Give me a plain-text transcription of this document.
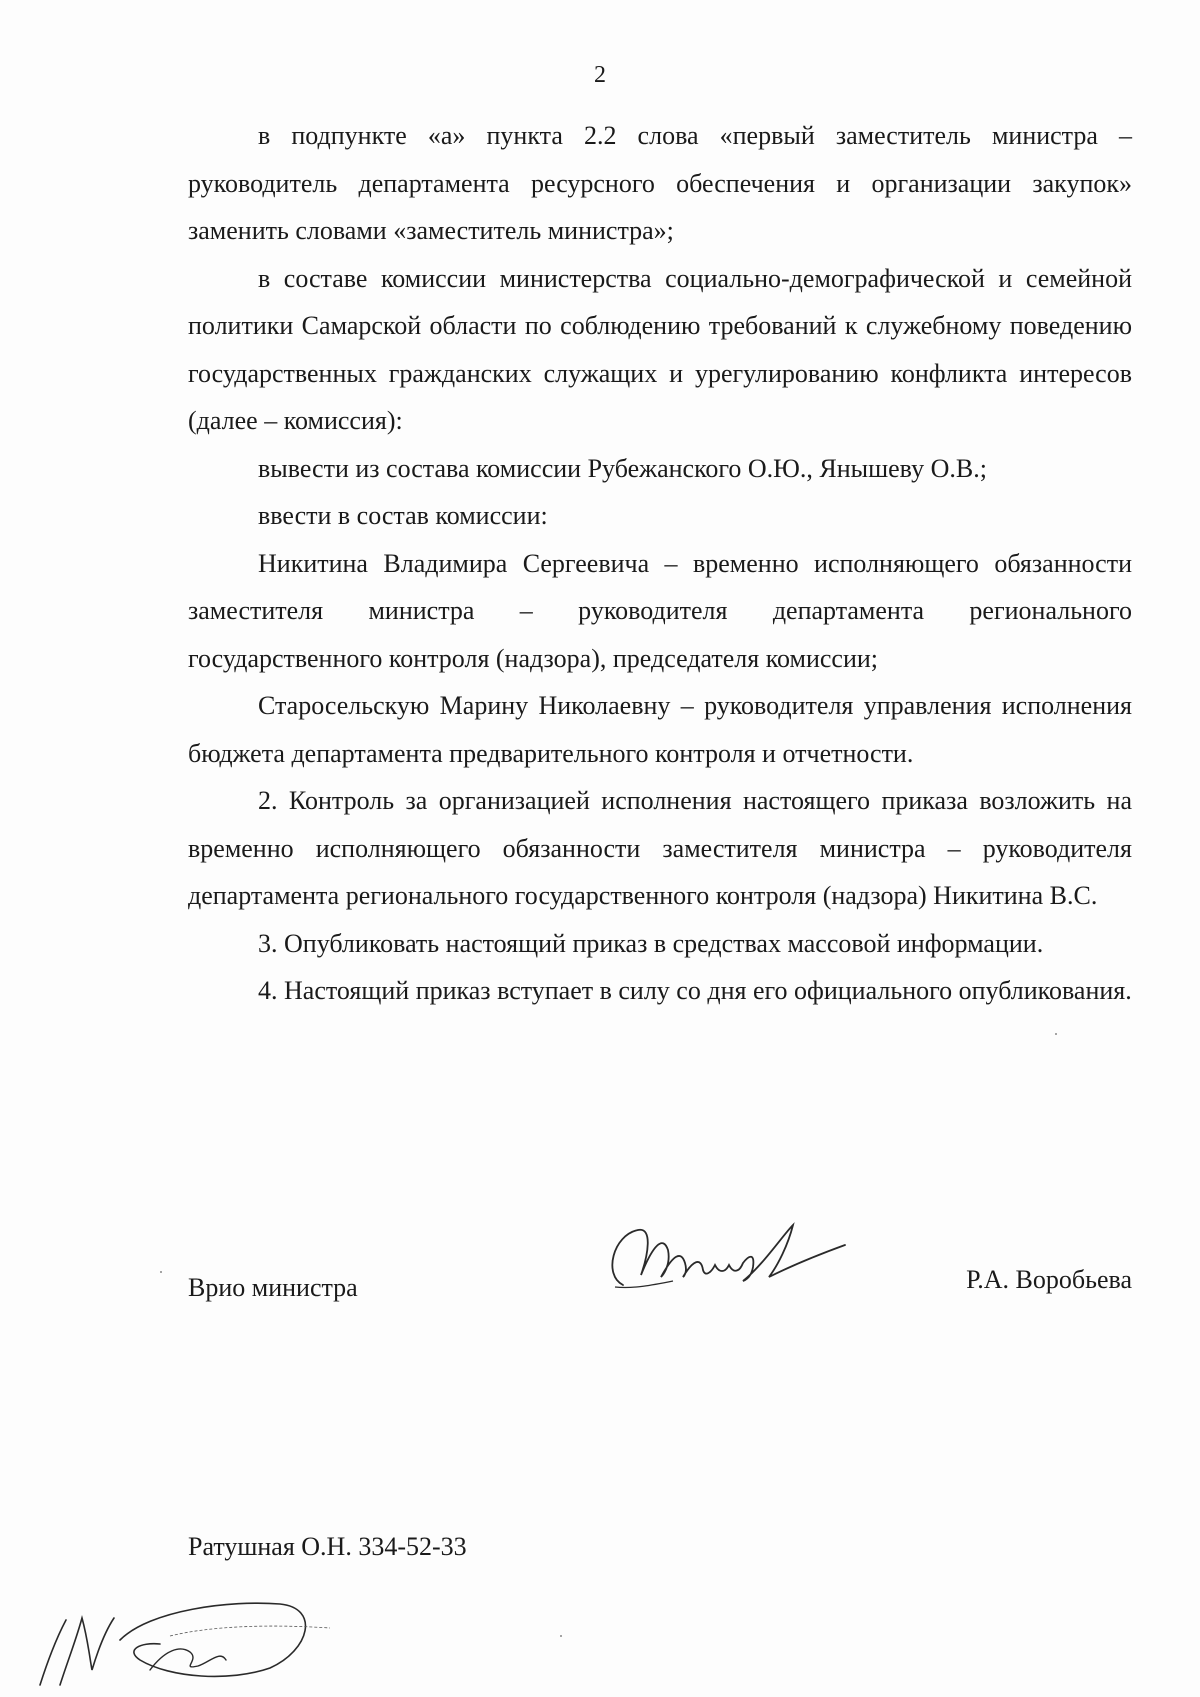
2

в подпункте «а» пункта 2.2 слова «первый заместитель министра – руководитель департамента ресурсного обеспечения и организации закупок» заменить словами «заместитель министра»;

в составе комиссии министерства социально-демографической и семейной политики Самарской области по соблюдению требований к служебному поведению государственных гражданских служащих и урегулированию конфликта интересов (далее – комиссия):

вывести из состава комиссии Рубежанского О.Ю., Янышеву О.В.;

ввести в состав комиссии:

Никитина Владимира Сергеевича – временно исполняющего обязанности заместителя министра – руководителя департамента регионального государственного контроля (надзора), председателя комиссии;

Старосельскую Марину Николаевну – руководителя управления исполнения бюджета департамента предварительного контроля и отчетности.

2. Контроль за организацией исполнения настоящего приказа возложить на временно исполняющего обязанности заместителя министра – руководителя департамента регионального государственного контроля (надзора) Никитина В.С.

3. Опубликовать настоящий приказ в средствах массовой информации.

4. Настоящий приказ вступает в силу со дня его официального опубликования.

Врио министра	Р.А. Воробьева
Ратушная О.Н. 334-52-33
